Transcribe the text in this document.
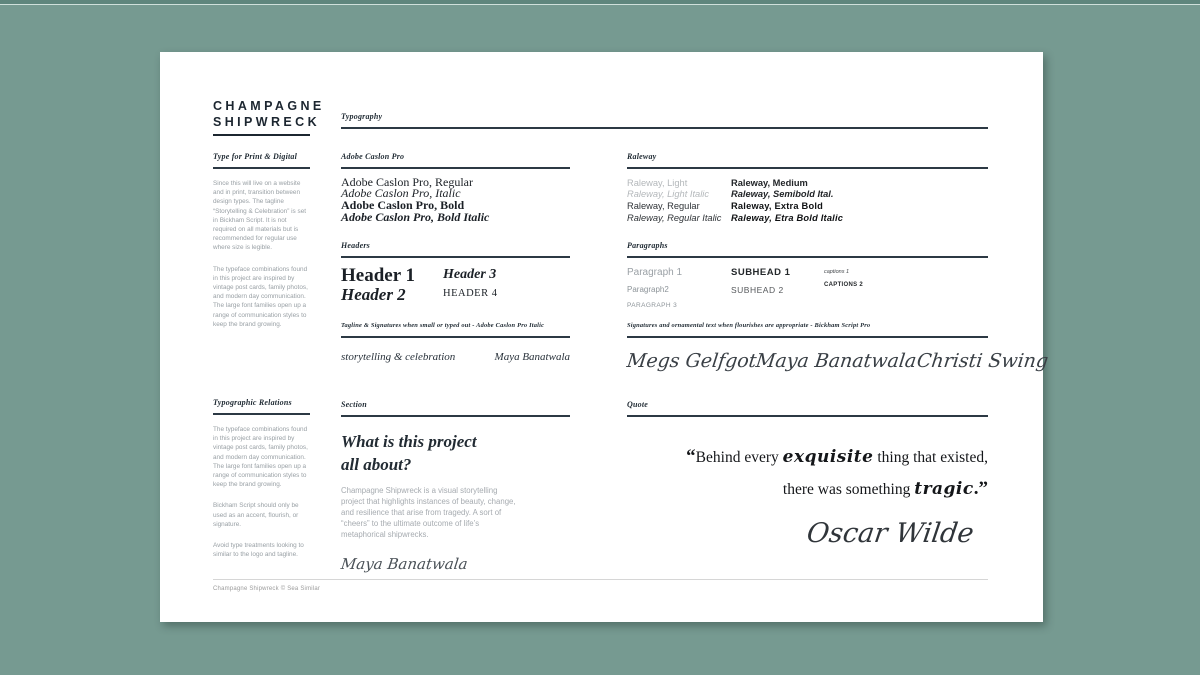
CHAMPAGNE
SHIPWRECK	Typography
Type for Print & Digital

Since this will live on a website and in print, transition between design types. The tagline “Storytelling & Celebration” is set in Bickham Script. It is not required on all materials but is recommended for regular use where size is legible.

The typeface combinations found in this project are inspired by vintage post cards, family photos, and modern day communication. The large font families open up a range of communication styles to keep the brand growing.

Adobe Caslon Pro
Adobe Caslon Pro, Regular
Adobe Caslon Pro, Italic
Adobe Caslon Pro, Bold
Adobe Caslon Pro, Bold Italic
Raleway
Raleway, Light
Raleway, Light Italic
Raleway, Regular
Raleway, Regular Italic
Raleway, Medium
Raleway, Semibold Ital.
Raleway, Extra Bold
Raleway, Etra Bold Italic
Headers
Header 1
Header 2
Header 3
HEADER 4
Paragraphs
Paragraph 1
Paragraph2
PARAGRAPH 3
SUBHEAD 1
SUBHEAD 2
captions 1
CAPTIONS 2
Tagline & Signatures when small or typed out - Adobe Caslon Pro Italic
storytelling & celebration	Maya Banatwala
Signatures and ornamental text when flourishes are appropriate - Bickham Script Pro
Megs Gelfgot
Maya Banatwala
Christi Swing
Typographic Relations

The typeface combinations found in this project are inspired by vintage post cards, family photos, and modern day communication. The large font families open up a range of communication styles to keep the brand growing.

Bickham Script should only be used as an accent, flourish, or signature.

Avoid type treatments looking to similar to the logo and tagline.

Section
What is this project
all about?

Champagne Shipwreck is a visual storytelling project that highlights instances of beauty, change, and resilience that arise from tragedy. A sort of “cheers” to the ultimate outcome of life’s metaphorical shipwrecks.

Maya Banatwala
Quote
“Behind every exquisite thing that existed,
there was something tragic.”
Oscar Wilde
Champagne Shipwreck © Sea Similar
